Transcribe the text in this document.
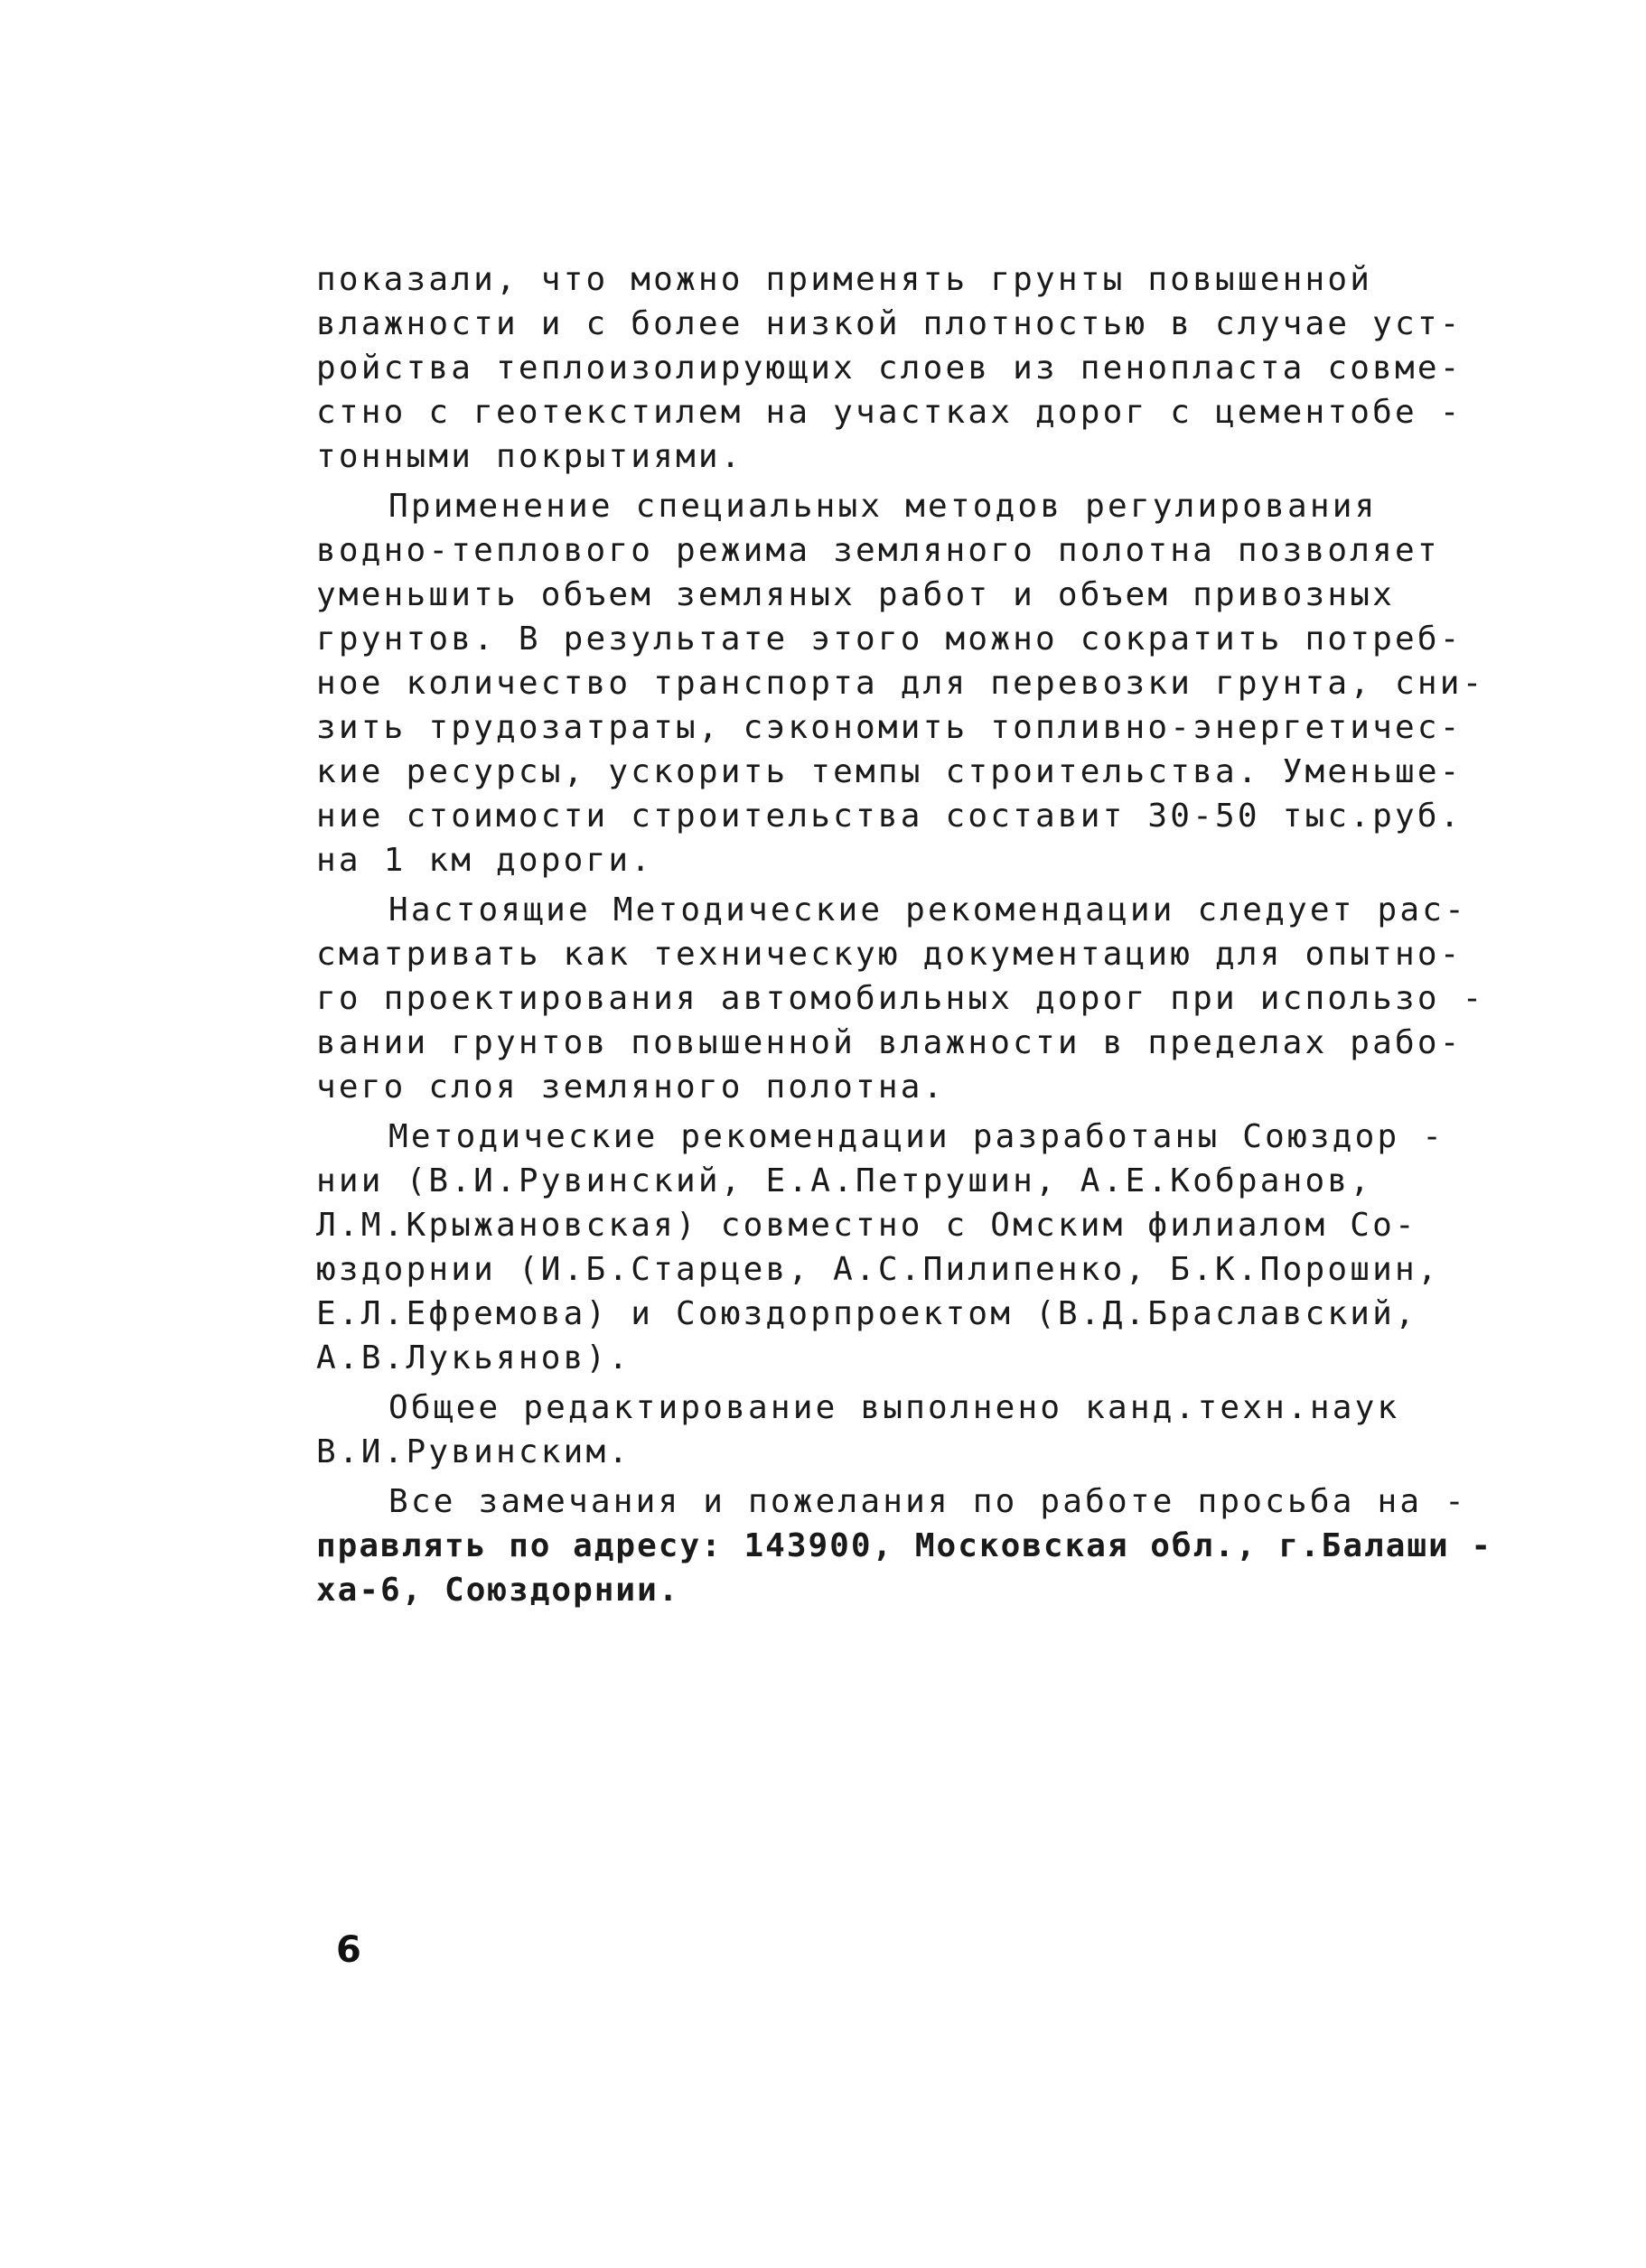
показали, что можно применять грунты повышенной
влажности и с более низкой плотностью в случае уст-
ройства теплоизолирующих слоев из пенопласта совме-
стно с геотекстилем на участках дорог с цементобе -
тонными покрытиями.
Применение специальных методов регулирования
водно-теплового режима земляного полотна позволяет
уменьшить объем земляных работ и объем привозных
грунтов. В результате этого можно сократить потреб-
ное количество транспорта для перевозки грунта, сни-
зить трудозатраты, сэкономить топливно-энергетичес-
кие ресурсы, ускорить темпы строительства. Уменьше-
ние стоимости строительства составит 30-50 тыс.руб.
на 1 км дороги.
Настоящие Методические рекомендации следует рас-
сматривать как техническую документацию для опытно-
го проектирования автомобильных дорог при использо -
вании грунтов повышенной влажности в пределах рабо-
чего слоя земляного полотна.
Методические рекомендации разработаны Союздор -
нии (В.И.Рувинский, Е.А.Петрушин, А.Е.Кобранов,
Л.М.Крыжановская) совместно с Омским филиалом Со-
юздорнии (И.Б.Старцев, А.С.Пилипенко, Б.К.Порошин,
Е.Л.Ефремова) и Союздорпроектом (В.Д.Браславский,
А.В.Лукьянов).
Общее редактирование выполнено канд.техн.наук
В.И.Рувинским.
Все замечания и пожелания по работе просьба на -
правлять по адресу: 143900, Московская обл., г.Балаши -
ха-6, Союздорнии.
6
